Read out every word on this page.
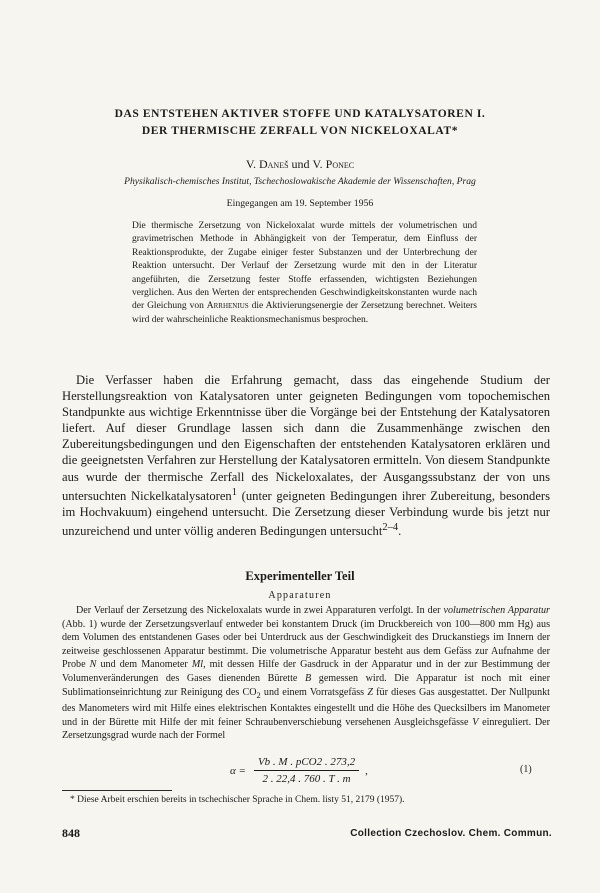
DAS ENTSTEHEN AKTIVER STOFFE UND KATALYSATOREN I.
DER THERMISCHE ZERFALL VON NICKELOXALAT*
V. Daneš und V. Ponec
Physikalisch-chemisches Institut, Tschechoslowakische Akademie der Wissenschaften, Prag
Eingegangen am 19. September 1956
Die thermische Zersetzung von Nickeloxalat wurde mittels der volumetrischen und gravimetrischen Methode in Abhängigkeit von der Temperatur, dem Einfluss der Reaktionsprodukte, der Zugabe einiger fester Substanzen und der Unterbrechung der Reaktion untersucht. Der Verlauf der Zersetzung wurde mit den in der Literatur angeführten, die Zersetzung fester Stoffe erfassenden, wichtigsten Beziehungen verglichen. Aus den Werten der entsprechenden Geschwindigkeitskonstanten wurde nach der Gleichung von Arrhenius die Aktivierungsenergie der Zersetzung berechnet. Weiters wird der wahrscheinliche Reaktionsmechanismus besprochen.
Die Verfasser haben die Erfahrung gemacht, dass das eingehende Studium der Herstellungsreaktion von Katalysatoren unter geigneten Bedingungen vom topochemischen Standpunkte aus wichtige Erkenntnisse über die Vorgänge bei der Entstehung der Katalysatoren liefert. Auf dieser Grundlage lassen sich dann die Zusammenhänge zwischen den Zubereitungsbedingungen und den Eigenschaften der entstehenden Katalysatoren erklären und die geeignetsten Verfahren zur Herstellung der Katalysatoren ermitteln. Von diesem Standpunkte aus wurde der thermische Zerfall des Nickeloxalates, der Ausgangssubstanz der von uns untersuchten Nickelkatalysatoren$^1$ (unter geigneten Bedingungen ihrer Zubereitung, besonders im Hochvakuum) eingehend untersucht. Die Zersetzung dieser Verbindung wurde bis jetzt nur unzureichend und unter völlig anderen Bedingungen untersucht$^{2-4}$.
Experimenteller Teil
Apparaturen
Der Verlauf der Zersetzung des Nickeloxalats wurde in zwei Apparaturen verfolgt. In der volumetrischen Apparatur (Abb. 1) wurde der Zersetzungsverlauf entweder bei konstantem Druck (im Druckbereich von 100—800 mm Hg) aus dem Volumen des entstandenen Gases oder bei Unterdruck aus der Geschwindigkeit des Druckanstiegs im Innern der zeitweise geschlossenen Apparatur bestimmt. Die volumetrische Apparatur besteht aus dem Gefäss zur Aufnahme der Probe N und dem Manometer Ml, mit dessen Hilfe der Gasdruck in der Apparatur und in der zur Bestimmung der Volumenveränderungen des Gases dienenden Bürette B gemessen wird. Die Apparatur ist noch mit einer Sublimationseinrichtung zur Reinigung des $CO_2$ und einem Vorratsgefäss Z für dieses Gas ausgestattet. Der Nullpunkt des Manometers wird mit Hilfe eines elektrischen Kontaktes eingestellt und die Höhe des Quecksilbers im Manometer und in der Bürette mit Hilfe der mit feiner Schraubenverschiebung versehenen Ausgleichsgefässe V einreguliert. Der Zersetzungsgrad wurde nach der Formel
$\alpha = \frac{\text{Vb . M . pCO2 . 273,2}}{2 . 22,4 . 760 . T . m}$ ,	(1)
* Diese Arbeit erschien bereits in tschechischer Sprache in Chem. listy 51, 2179 (1957).
848	Collection Czechoslov. Chem. Commun.
